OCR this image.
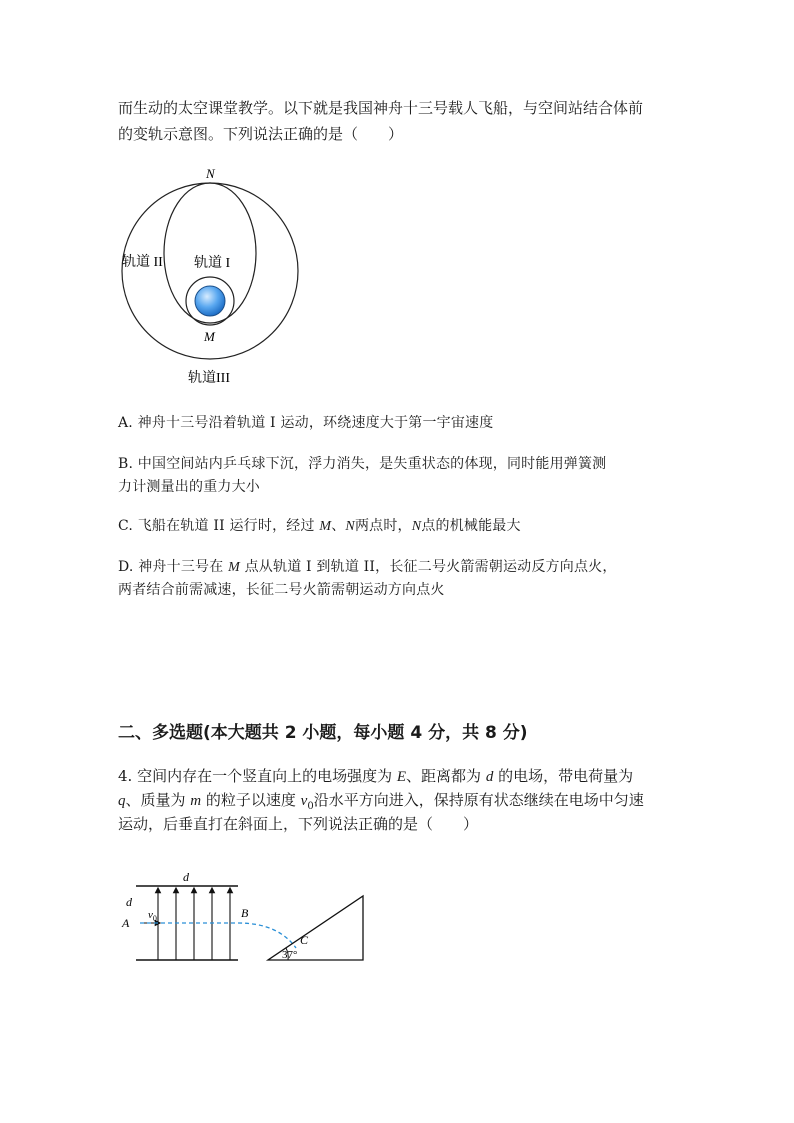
而生动的太空课堂教学。以下就是我国神舟十三号载人飞船，与空间站结合体前
的变轨示意图。下列说法正确的是（　　）
N
M
轨道 I
轨道 II
轨道III
A. 神舟十三号沿着轨道 I 运动，环绕速度大于第一宇宙速度
B. 中国空间站内乒乓球下沉，浮力消失，是失重状态的体现，同时能用弹簧测
力计测量出的重力大小
C. 飞船在轨道 II 运行时，经过 M、N两点时，N点的机械能最大
D. 神舟十三号在 M 点从轨道 I 到轨道 II，长征二号火箭需朝运动反方向点火，
两者结合前需减速，长征二号火箭需朝运动方向点火
二、多选题(本大题共 2 小题，每小题 4 分，共 8 分)
4. 空间内存在一个竖直向上的电场强度为 E、距离都为 d 的电场，带电荷量为
q、质量为 m 的粒子以速度 $v_0$沿水平方向进入，保持原有状态继续在电场中匀速
运动，后垂直打在斜面上，下列说法正确的是（　　）
d
d
A
$v_0$	B
C
37°
